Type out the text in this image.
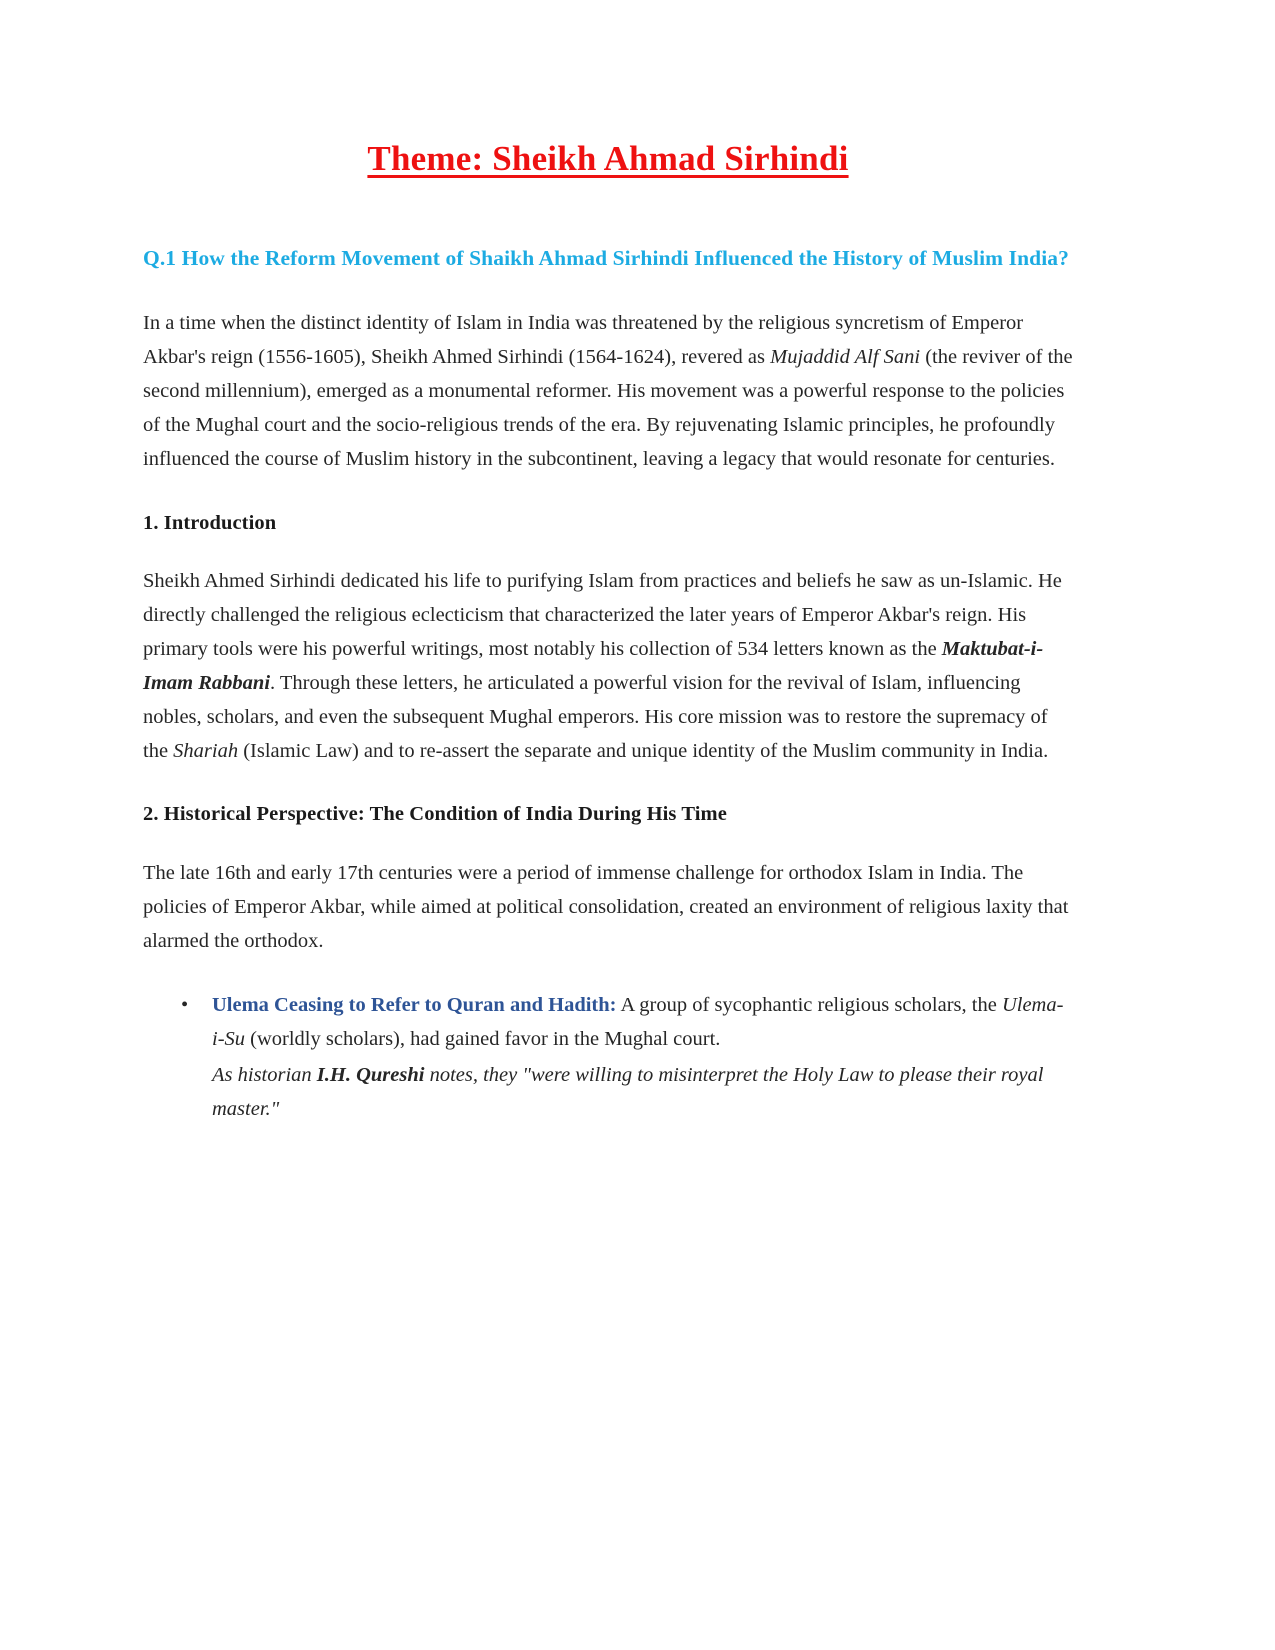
Theme: Sheikh Ahmad Sirhindi
Q.1 How the Reform Movement of Shaikh Ahmad Sirhindi Influenced the History of Muslim India?

In a time when the distinct identity of Islam in India was threatened by the religious syncretism of Emperor Akbar's reign (1556-1605), Sheikh Ahmed Sirhindi (1564-1624), revered as Mujaddid Alf Sani (the reviver of the second millennium), emerged as a monumental reformer. His movement was a powerful response to the policies of the Mughal court and the socio-religious trends of the era. By rejuvenating Islamic principles, he profoundly influenced the course of Muslim history in the subcontinent, leaving a legacy that would resonate for centuries.

1. Introduction

Sheikh Ahmed Sirhindi dedicated his life to purifying Islam from practices and beliefs he saw as un-Islamic. He directly challenged the religious eclecticism that characterized the later years of Emperor Akbar's reign. His primary tools were his powerful writings, most notably his collection of 534 letters known as the Maktubat-i-Imam Rabbani. Through these letters, he articulated a powerful vision for the revival of Islam, influencing nobles, scholars, and even the subsequent Mughal emperors. His core mission was to restore the supremacy of the Shariah (Islamic Law) and to re-assert the separate and unique identity of the Muslim community in India.

2. Historical Perspective: The Condition of India During His Time

The late 16th and early 17th centuries were a period of immense challenge for orthodox Islam in India. The policies of Emperor Akbar, while aimed at political consolidation, created an environment of religious laxity that alarmed the orthodox.

• Ulema Ceasing to Refer to Quran and Hadith: A group of sycophantic religious scholars, the Ulema-i-Su (worldly scholars), had gained favor in the Mughal court.
As historian I.H. Qureshi notes, they "were willing to misinterpret the Holy Law to please their royal master."
